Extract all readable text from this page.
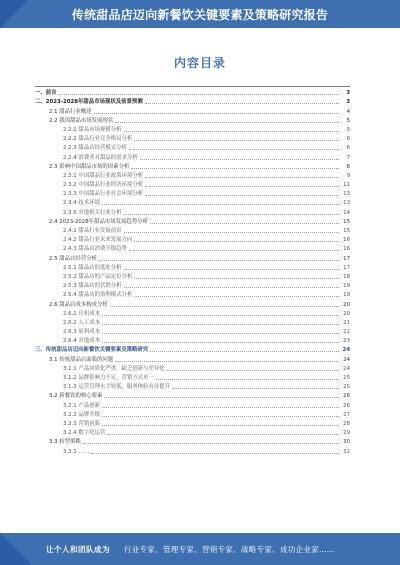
传统甜品店迈向新餐饮关键要素及策略研究报告
内容目录
一、前言	3
二、2023-2028年甜品市场现状及前景预测	3
2.1 甜品行业概述	4
2.2 我国甜品市场发展现状	5
2.2.1 甜品市场规模分析	5
2.2.2 甜品行业竞争格局分析	6
2.2.3 甜品店经营模式分析	6
2.2.4 消费者对甜品的需求分析	7
2.3 影响中国甜品市场的因素分析	8
2.3.1 中国甜品行业政策环境分析	9
2.3.2 中国甜品行业经济环境分析	11
2.3.3 中国甜品行业社会环境分析	13
2.3.4 技术环境	13
2.3.5 其他相关行业分析	14
2.4 2023-2028年甜品市场发展趋势分析	15
2.4.1 甜品行业发展前景	15
2.4.2 甜品行业未来发展方向	16
2.4.3 甜品店消费升级趋势	16
2.5 甜品店经营分析	17
2.5.1 甜品店的选址分析	17
2.5.2 甜品店的产品定位分析	18
2.5.3 甜品店的营销分析	19
2.5.4 甜品店的盈利模式分析	19
2.6 甜品店成本构成分析	20
2.6.1 房租成本	20
2.6.2 人工成本	21
2.6.3 原料成本	22
2.6.4 其他成本	23
三、传统甜品店迈向新餐饮关键要素及策略研究	24
3.1 传统甜品店面临的问题	24
3.1.1 产品同质化严重，缺乏创新与差异化	24
3.1.2 品牌影响力不足，营销方式单一	25
3.1.3 运营管理水平较低，服务体验有待提升	25
3.2 新餐饮的核心要素	26
3.2.1 产品创新	26
3.2.2 品牌升级	27
3.2.3 营销创新	28
3.2.4 数字化运营	29
3.3 转型策略	30
3.3.1 ……	32
让个人和团队成为 行业专家、管理专家、营销专家、战略专家、成功企业家……
